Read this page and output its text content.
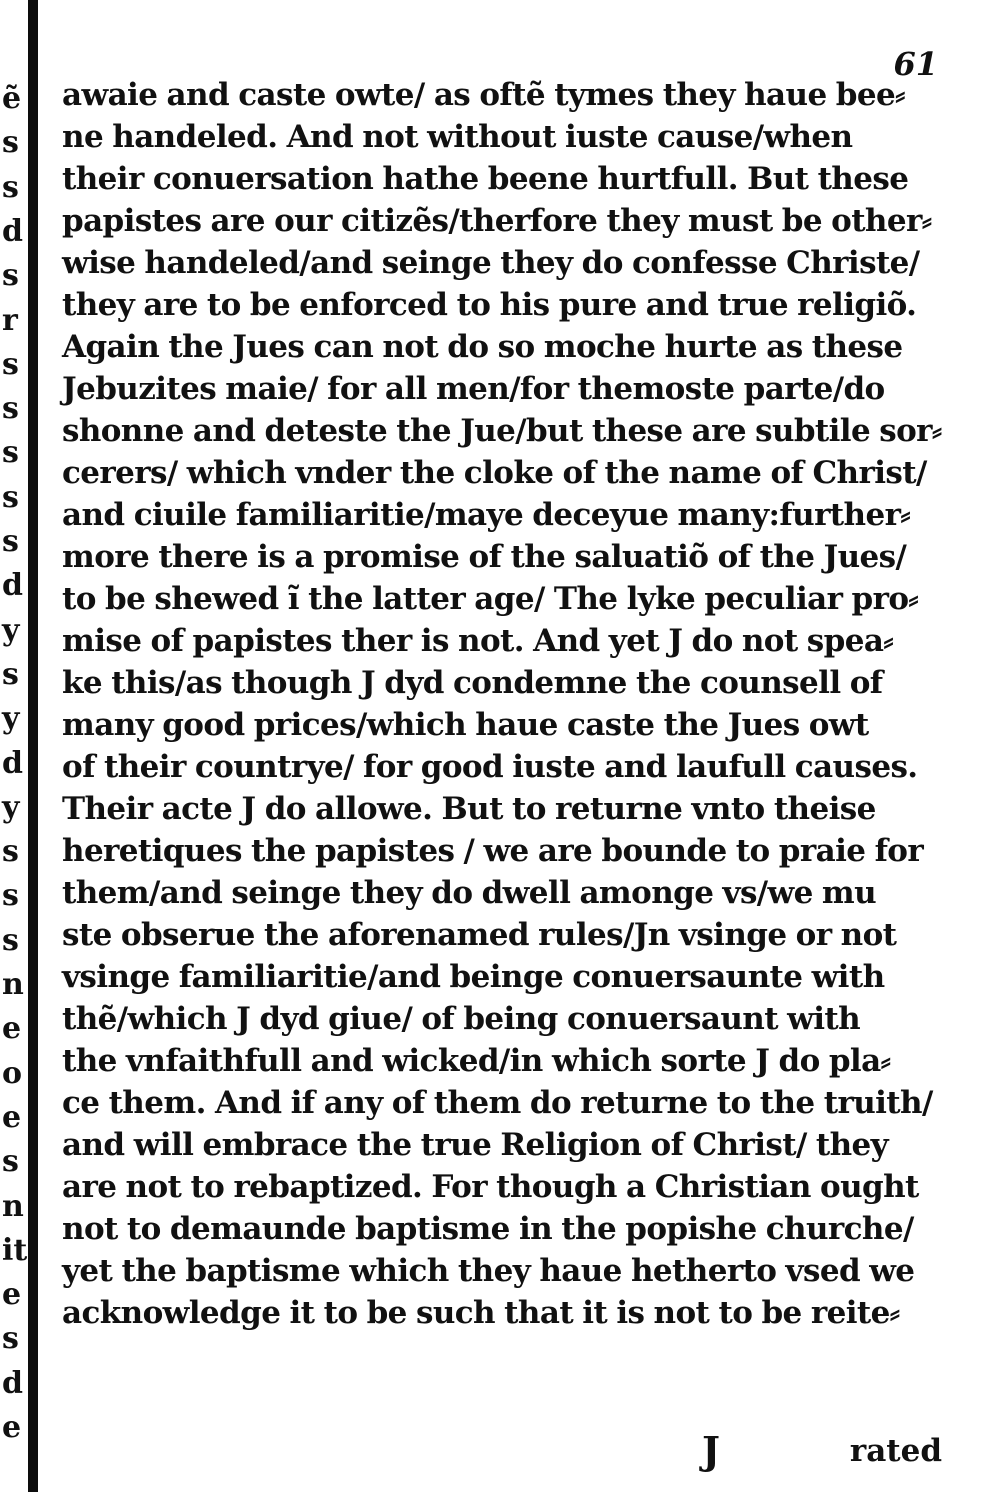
ẽ
s
s
d
s
r
s
s
s
s
s
d
y
s
y
d
y
s
s
s
n
e
o
e
s
n
it
e
s
d
e
61
awaie and caste owte/ as oftẽ tymes they haue bee⸗
ne handeled. And not without iuste cause/when
their conuersation hathe beene hurtfull. But these
papistes are our citizẽs/therfore they must be other⸗
wise handeled/and seinge they do confesse Christe/
they are to be enforced to his pure and true religiõ.
Again the Jues can not do so moche hurte as these
Jebuzites maie/ for all men/for themoste parte/do
shonne and deteste the Jue/but these are subtile sor⸗
cerers/ which vnder the cloke of the name of Christ/
and ciuile familiaritie/maye deceyue many:further⸗
more there is a promise of the saluatiõ of the Jues/
to be shewed ĩ the latter age/ The lyke peculiar pro⸗
mise of papistes ther is not. And yet J do not spea⸗
ke this/as though J dyd condemne the counsell of
many good prices/which haue caste the Jues owt
of their countrye/ for good iuste and laufull causes.
Their acte J do allowe. But to returne vnto theise
heretiques the papistes / we are bounde to praie for
them/and seinge they do dwell amonge vs/we mu
ste obserue the aforenamed rules/Jn vsinge or not
vsinge familiaritie/and beinge conuersaunte with
thẽ/which J dyd giue/ of being conuersaunt with
the vnfaithfull and wicked/in which sorte J do pla⸗
ce them. And if any of them do returne to the truith/
and will embrace the true Religion of Christ/ they
are not to rebaptized. For though a Christian ought
not to demaunde baptisme in the popishe churche/
yet the baptisme which they haue hetherto vsed we
acknowledge it to be such that it is not to be reite⸗
J	rated
